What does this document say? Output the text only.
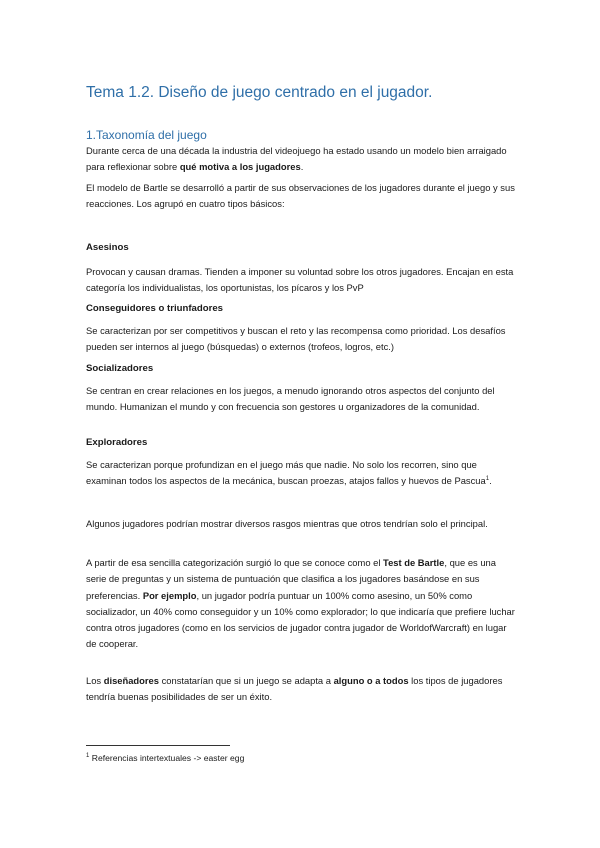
Tema 1.2. Diseño de juego centrado en el jugador.
1.Taxonomía del juego
Durante cerca de una década la industria del videojuego ha estado usando un modelo bien arraigado para reflexionar sobre qué motiva a los jugadores.
El modelo de Bartle se desarrolló a partir de sus observaciones de los jugadores durante el juego y sus reacciones. Los agrupó en cuatro tipos básicos:
Asesinos
Provocan y causan dramas. Tienden a imponer su voluntad sobre los otros jugadores. Encajan en esta categoría los individualistas, los oportunistas, los pícaros y los PvP
Conseguidores o triunfadores
Se caracterizan por ser competitivos y buscan el reto y las recompensa como prioridad. Los desafíos pueden ser internos al juego (búsquedas) o externos (trofeos, logros, etc.)
Socializadores
Se centran en crear relaciones en los juegos, a menudo ignorando otros aspectos del conjunto del mundo. Humanizan el mundo y con frecuencia son gestores u organizadores de la comunidad.
Exploradores
Se caracterizan porque profundizan en el juego más que nadie. No solo los recorren, sino que examinan todos los aspectos de la mecánica, buscan proezas, atajos fallos y huevos de Pascua$^1$.
Algunos jugadores podrían mostrar diversos rasgos mientras que otros tendrían solo el principal.
A partir de esa sencilla categorización surgió lo que se conoce como el Test de Bartle, que es una serie de preguntas y un sistema de puntuación que clasifica a los jugadores basándose en sus preferencias. Por ejemplo, un jugador podría puntuar un 100% como asesino, un 50% como socializador, un 40% como conseguidor y un 10% como explorador; lo que indicaría que prefiere luchar contra otros jugadores (como en los servicios de jugador contra jugador de WorldofWarcraft) en lugar de cooperar.
Los diseñadores constatarían que si un juego se adapta a alguno o a todos los tipos de jugadores tendría buenas posibilidades de ser un éxito.
$^1$ Referencias intertextuales -> easter egg
